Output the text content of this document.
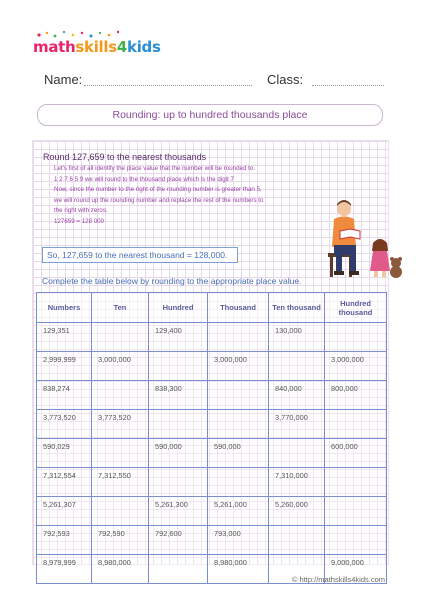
mathskills4kids
Name:	Class:
Rounding: up to hundred thousands place
Round 127,659 to the nearest thousands
Let's first of all identify the place value that the number will be rounded to.
1 2 7 6 5 9 we will round to the thousand place which is the digit 7
Now, since the number to the right of the rounding number is greater than 5,
we will round up the rounding number and replace the rest of the numbers to
the right with zeros.
127659 = 128 000
So, 127,659 to the nearest thousand = 128,000.
Complete the table below by rounding to the appropriate place value.
Numbers	Ten	Hundred	Thousand	Ten thousand	Hundred thousand
129,351		129,400		130,000	
2,999,999	3,000,000		3,000,000		3,000,000
838,274		838,300		840,000	800,000
3,773,520	3,773,520			3,770,000	
590,029		590,000	590,000		600,000
7,312,554	7,312,550			7,310,000	
5,261,307		5,261,300	5,261,000	5,260,000	
792,593	792,590	792,600	793,000		
8,979,999	8,980,000		8,980,000		9,000,000
© http://mathskills4kids.com
